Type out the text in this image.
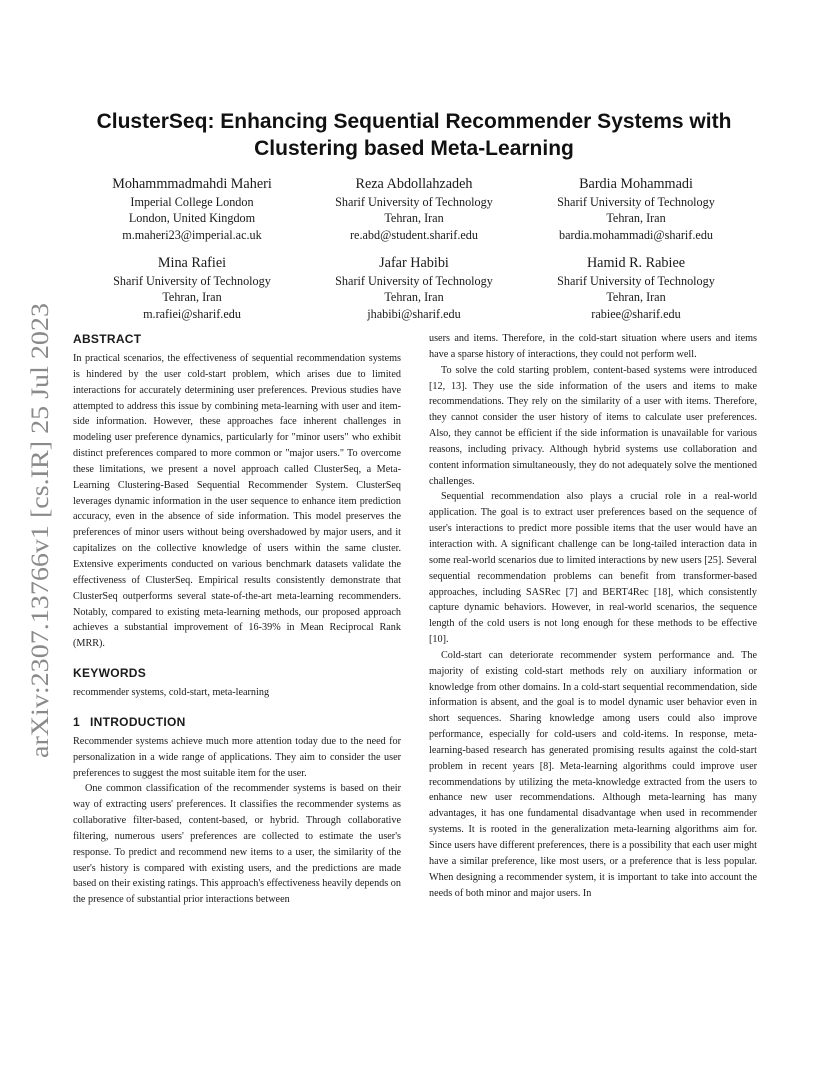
arXiv:2307.13766v1 [cs.IR] 25 Jul 2023
ClusterSeq: Enhancing Sequential Recommender Systems with Clustering based Meta-Learning
Mohammmadmahdi Maheri
Imperial College London
London, United Kingdom
m.maheri23@imperial.ac.uk
Reza Abdollahzadeh
Sharif University of Technology
Tehran, Iran
re.abd@student.sharif.edu
Bardia Mohammadi
Sharif University of Technology
Tehran, Iran
bardia.mohammadi@sharif.edu
Mina Rafiei
Sharif University of Technology
Tehran, Iran
m.rafiei@sharif.edu
Jafar Habibi
Sharif University of Technology
Tehran, Iran
jhabibi@sharif.edu
Hamid R. Rabiee
Sharif University of Technology
Tehran, Iran
rabiee@sharif.edu
ABSTRACT

In practical scenarios, the effectiveness of sequential recommendation systems is hindered by the user cold-start problem, which arises due to limited interactions for accurately determining user preferences. Previous studies have attempted to address this issue by combining meta-learning with user and item-side information. However, these approaches face inherent challenges in modeling user preference dynamics, particularly for "minor users" who exhibit distinct preferences compared to more common or "major users." To overcome these limitations, we present a novel approach called ClusterSeq, a Meta-Learning Clustering-Based Sequential Recommender System. ClusterSeq leverages dynamic information in the user sequence to enhance item prediction accuracy, even in the absence of side information. This model preserves the preferences of minor users without being overshadowed by major users, and it capitalizes on the collective knowledge of users within the same cluster. Extensive experiments conducted on various benchmark datasets validate the effectiveness of ClusterSeq. Empirical results consistently demonstrate that ClusterSeq outperforms several state-of-the-art meta-learning recommenders. Notably, compared to existing meta-learning methods, our proposed approach achieves a substantial improvement of 16-39% in Mean Reciprocal Rank (MRR).

KEYWORDS

recommender systems, cold-start, meta-learning

1 INTRODUCTION

Recommender systems achieve much more attention today due to the need for personalization in a wide range of applications. They aim to consider the user preferences to suggest the most suitable item for the user.

One common classification of the recommender systems is based on their way of extracting users' preferences. It classifies the recommender systems as collaborative filter-based, content-based, or hybrid. Through collaborative filtering, numerous users' preferences are collected to estimate the user's response. To predict and recommend new items to a user, the similarity of the user's history is compared with existing users, and the predictions are made based on their existing ratings. This approach's effectiveness heavily depends on the presence of substantial prior interactions between

users and items. Therefore, in the cold-start situation where users and items have a sparse history of interactions, they could not perform well.

To solve the cold starting problem, content-based systems were introduced [12, 13]. They use the side information of the users and items to make recommendations. They rely on the similarity of a user with items. Therefore, they cannot consider the user history of items to calculate user preferences. Also, they cannot be efficient if the side information is unavailable for various reasons, including privacy. Although hybrid systems use collaboration and content information simultaneously, they do not adequately solve the mentioned challenges.

Sequential recommendation also plays a crucial role in a real-world application. The goal is to extract user preferences based on the sequence of user's interactions to predict more possible items that the user would have an interaction with. A significant challenge can be long-tailed interaction data in some real-world scenarios due to limited interactions by new users [25]. Several sequential recommendation problems can benefit from transformer-based approaches, including SASRec [7] and BERT4Rec [18], which consistently capture dynamic behaviors. However, in real-world scenarios, the sequence length of the cold users is not long enough for these methods to be effective [10].

Cold-start can deteriorate recommender system performance and. The majority of existing cold-start methods rely on auxiliary information or knowledge from other domains. In a cold-start sequential recommendation, side information is absent, and the goal is to model dynamic user behavior even in short sequences. Sharing knowledge among users could also improve performance, especially for cold-users and cold-items. In response, meta-learning-based research has generated promising results against the cold-start problem in recent years [8]. Meta-learning algorithms could improve user recommendations by utilizing the meta-knowledge extracted from the users to enhance new user recommendations. Although meta-learning has many advantages, it has one fundamental disadvantage when used in recommender systems. It is rooted in the generalization meta-learning algorithms aim for. Since users have different preferences, there is a possibility that each user might have a similar preference, like most users, or a preference that is less popular. When designing a recommender system, it is important to take into account the needs of both minor and major users. In
